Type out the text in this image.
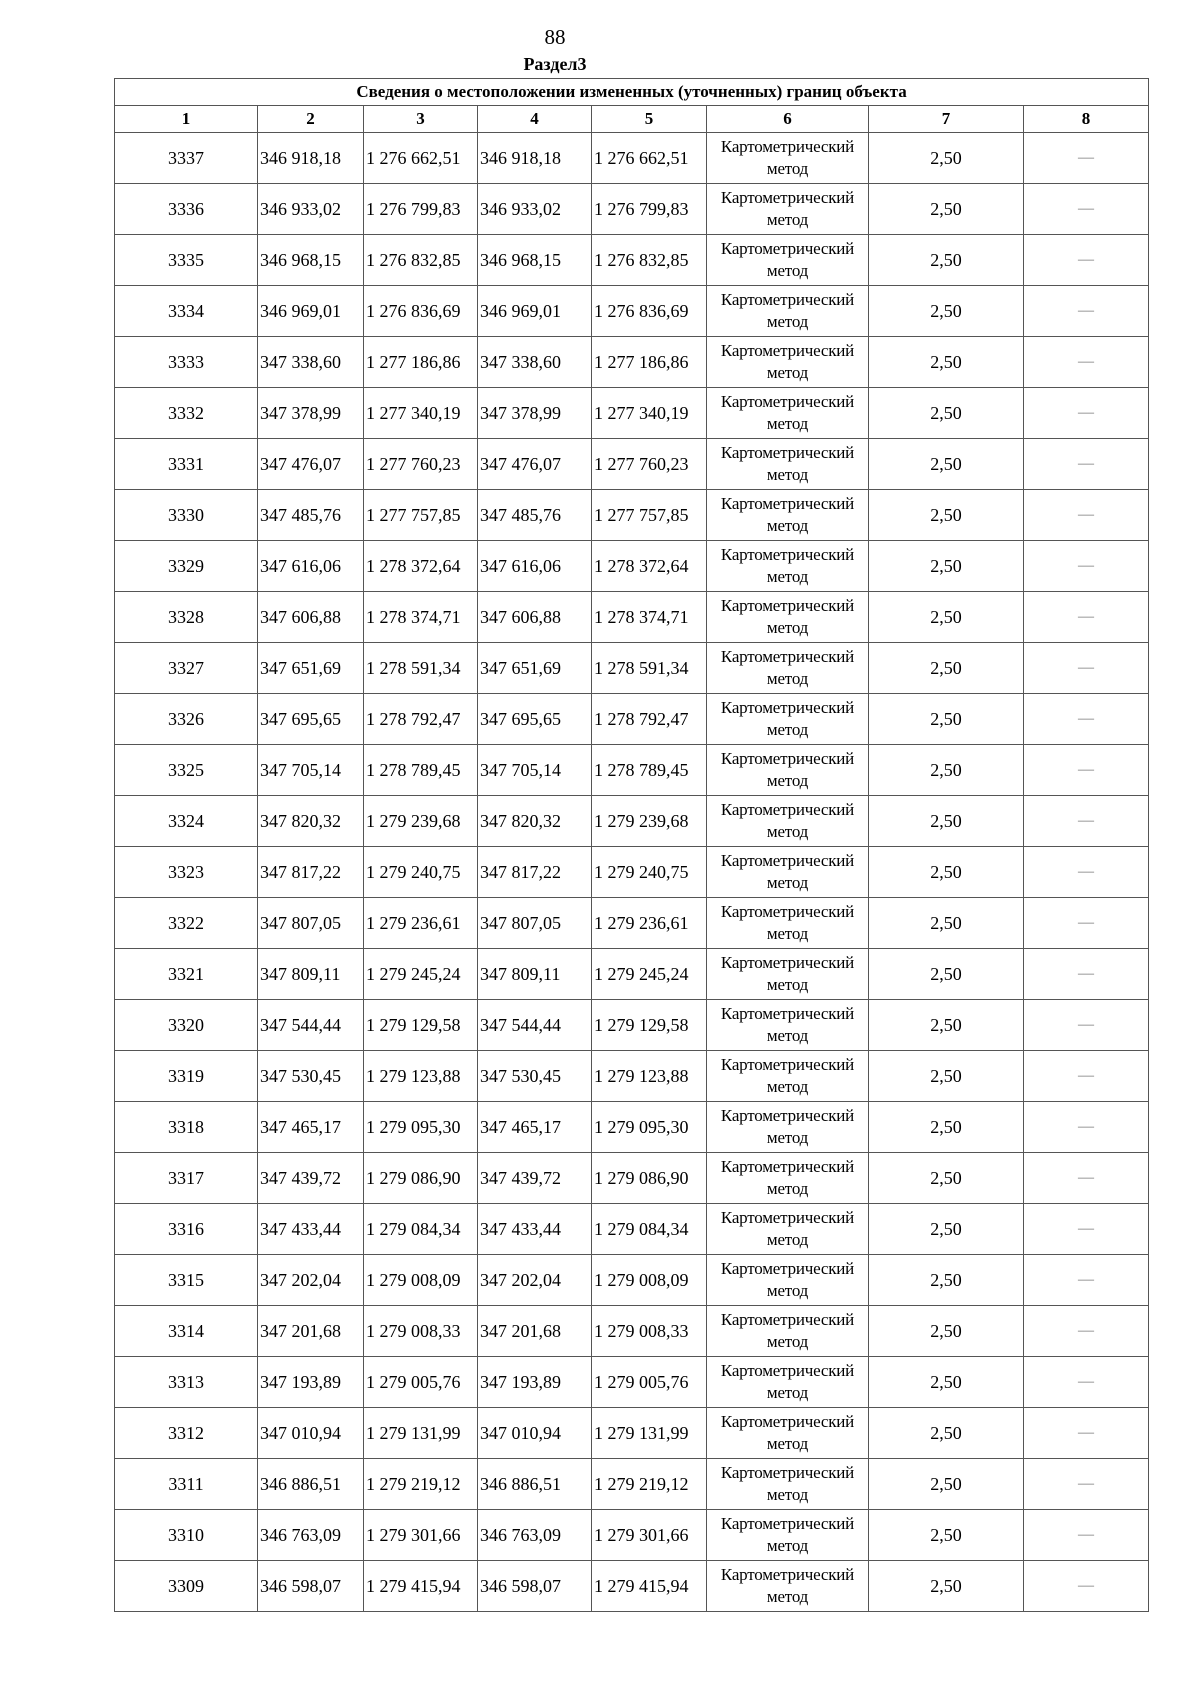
88
Раздел3
Сведения о местоположении измененных (уточненных) границ объекта							
1	2	3	4	5	6	7	8
3337	346 918,18	1 276 662,51	346 918,18	1 276 662,51	Картометрический метод	2,50	—
3336	346 933,02	1 276 799,83	346 933,02	1 276 799,83	Картометрический метод	2,50	—
3335	346 968,15	1 276 832,85	346 968,15	1 276 832,85	Картометрический метод	2,50	—
3334	346 969,01	1 276 836,69	346 969,01	1 276 836,69	Картометрический метод	2,50	—
3333	347 338,60	1 277 186,86	347 338,60	1 277 186,86	Картометрический метод	2,50	—
3332	347 378,99	1 277 340,19	347 378,99	1 277 340,19	Картометрический метод	2,50	—
3331	347 476,07	1 277 760,23	347 476,07	1 277 760,23	Картометрический метод	2,50	—
3330	347 485,76	1 277 757,85	347 485,76	1 277 757,85	Картометрический метод	2,50	—
3329	347 616,06	1 278 372,64	347 616,06	1 278 372,64	Картометрический метод	2,50	—
3328	347 606,88	1 278 374,71	347 606,88	1 278 374,71	Картометрический метод	2,50	—
3327	347 651,69	1 278 591,34	347 651,69	1 278 591,34	Картометрический метод	2,50	—
3326	347 695,65	1 278 792,47	347 695,65	1 278 792,47	Картометрический метод	2,50	—
3325	347 705,14	1 278 789,45	347 705,14	1 278 789,45	Картометрический метод	2,50	—
3324	347 820,32	1 279 239,68	347 820,32	1 279 239,68	Картометрический метод	2,50	—
3323	347 817,22	1 279 240,75	347 817,22	1 279 240,75	Картометрический метод	2,50	—
3322	347 807,05	1 279 236,61	347 807,05	1 279 236,61	Картометрический метод	2,50	—
3321	347 809,11	1 279 245,24	347 809,11	1 279 245,24	Картометрический метод	2,50	—
3320	347 544,44	1 279 129,58	347 544,44	1 279 129,58	Картометрический метод	2,50	—
3319	347 530,45	1 279 123,88	347 530,45	1 279 123,88	Картометрический метод	2,50	—
3318	347 465,17	1 279 095,30	347 465,17	1 279 095,30	Картометрический метод	2,50	—
3317	347 439,72	1 279 086,90	347 439,72	1 279 086,90	Картометрический метод	2,50	—
3316	347 433,44	1 279 084,34	347 433,44	1 279 084,34	Картометрический метод	2,50	—
3315	347 202,04	1 279 008,09	347 202,04	1 279 008,09	Картометрический метод	2,50	—
3314	347 201,68	1 279 008,33	347 201,68	1 279 008,33	Картометрический метод	2,50	—
3313	347 193,89	1 279 005,76	347 193,89	1 279 005,76	Картометрический метод	2,50	—
3312	347 010,94	1 279 131,99	347 010,94	1 279 131,99	Картометрический метод	2,50	—
3311	346 886,51	1 279 219,12	346 886,51	1 279 219,12	Картометрический метод	2,50	—
3310	346 763,09	1 279 301,66	346 763,09	1 279 301,66	Картометрический метод	2,50	—
3309	346 598,07	1 279 415,94	346 598,07	1 279 415,94	Картометрический метод	2,50	—
